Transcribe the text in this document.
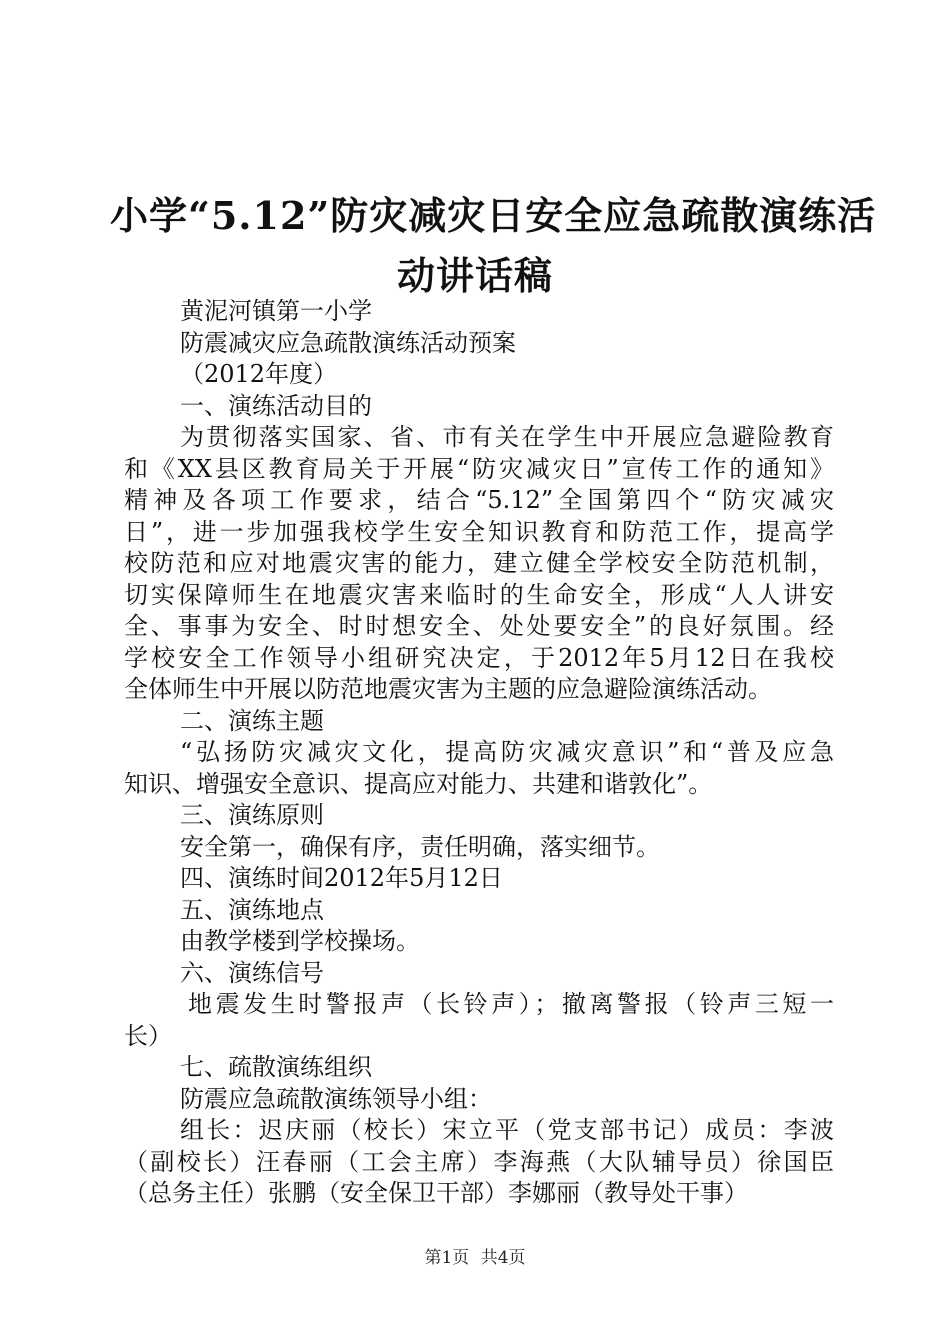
小学“5.12”防灾减灾日安全应急疏散演练活
动讲话稿
黄泥河镇第一小学
防震减灾应急疏散演练活动预案
（2012年度）
一、演练活动目的
为贯彻落实国家、省、市有关在学生中开展应急避险教育
和《XX县区教育局关于开展“防灾减灾日”宣传工作的通知》
精神及各项工作要求，结合“5.12”全国第四个“防灾减灾
日”，进一步加强我校学生安全知识教育和防范工作，提高学
校防范和应对地震灾害的能力，建立健全学校安全防范机制，
切实保障师生在地震灾害来临时的生命安全，形成“人人讲安
全、事事为安全、时时想安全、处处要安全”的良好氛围。经
学校安全工作领导小组研究决定，于2012年5月12日在我校
全体师生中开展以防范地震灾害为主题的应急避险演练活动。
二、演练主题
“弘扬防灾减灾文化，提高防灾减灾意识”和“普及应急
知识、增强安全意识、提高应对能力、共建和谐敦化”。
三、演练原则
安全第一，确保有序，责任明确，落实细节。
四、演练时间2012年5月12日
五、演练地点
由教学楼到学校操场。
六、演练信号
地震发生时警报声（长铃声）；撤离警报（铃声三短一
长）
七、疏散演练组织
防震应急疏散演练领导小组：
组长：迟庆丽（校长）宋立平（党支部书记）成员：李波
（副校长）汪春丽（工会主席）李海燕（大队辅导员）徐国臣
（总务主任）张鹏（安全保卫干部）李娜丽（教导处干事）
第1页 共4页
